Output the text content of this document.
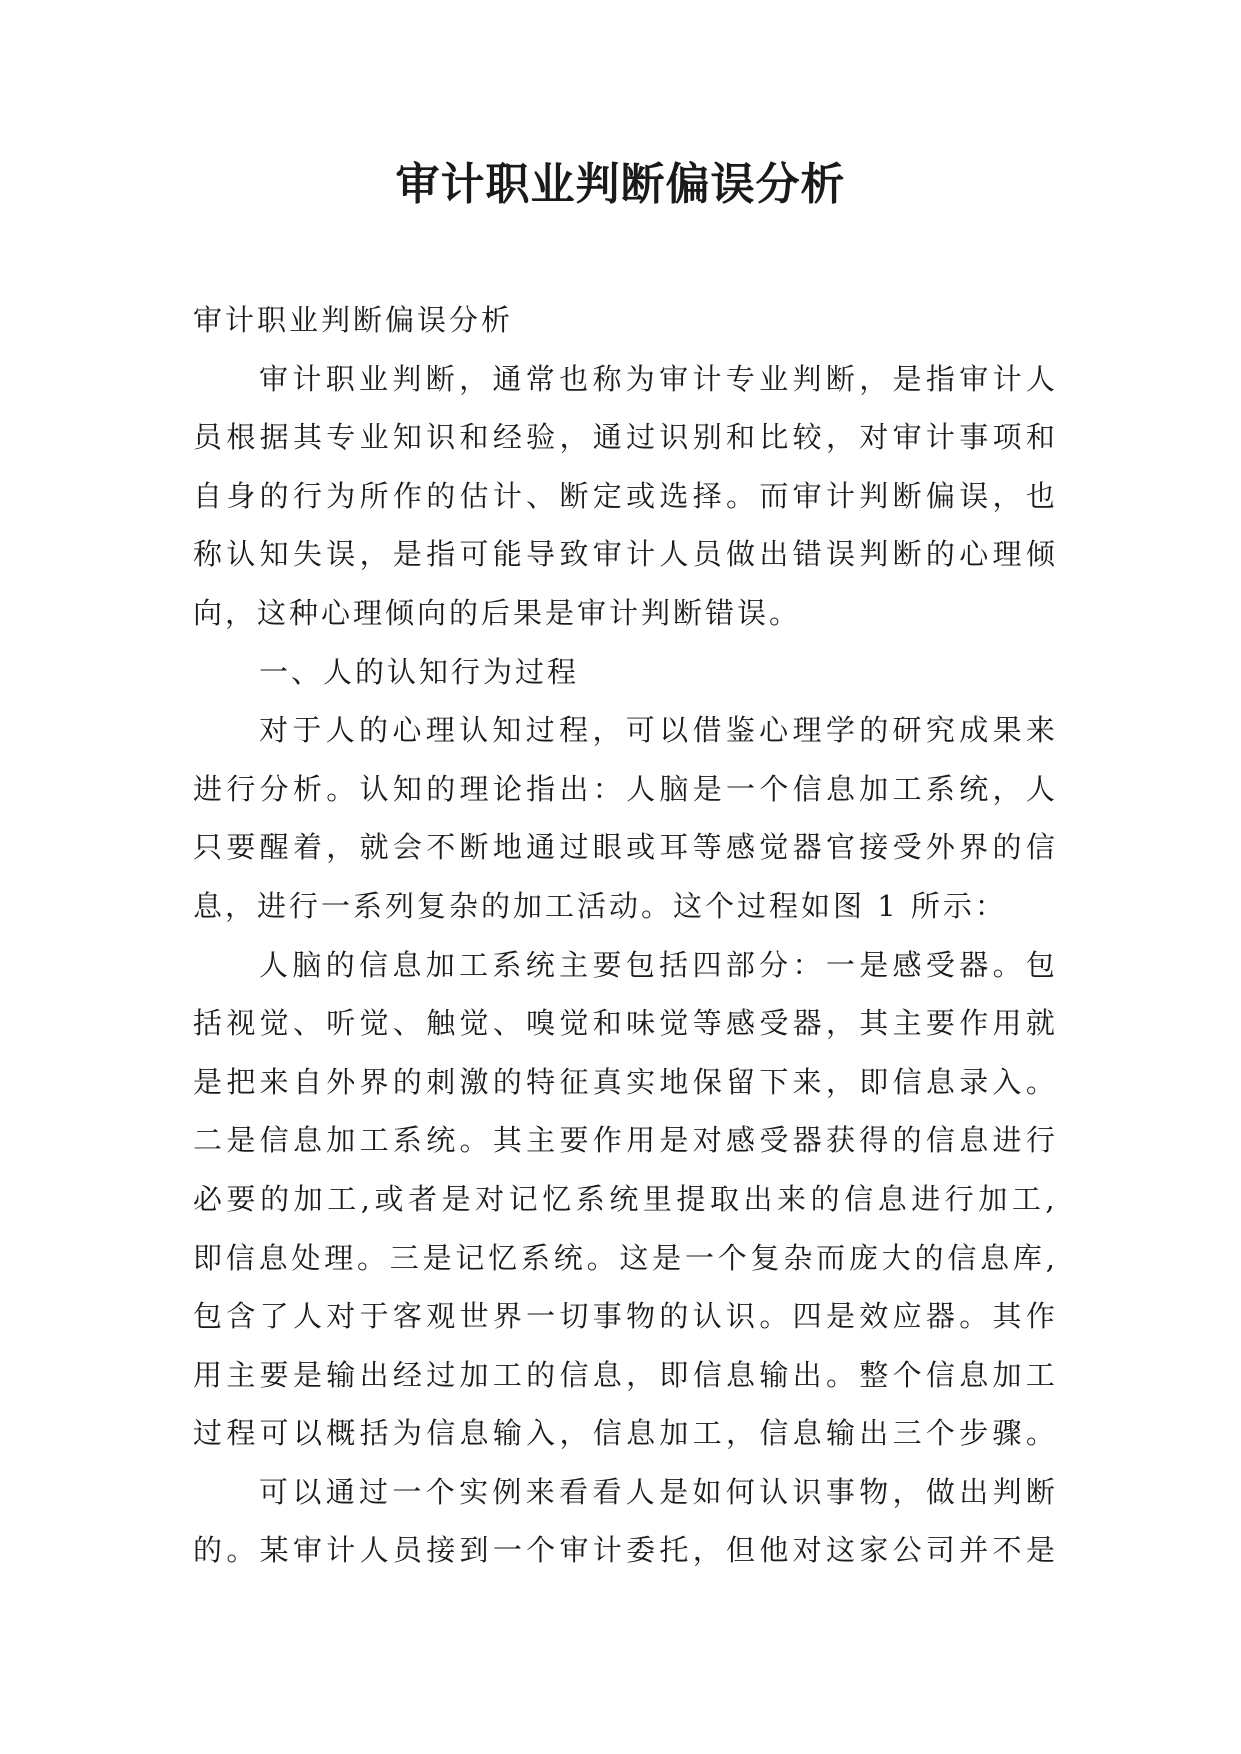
审计职业判断偏误分析
审计职业判断偏误分析
审 计 职 业 判 断 ， 通 常 也 称 为 审 计 专 业 判 断 ， 是 指 审 计 人
员 根 据 其 专 业 知 识 和 经 验 ， 通 过 识 别 和 比 较 ， 对 审 计 事 项 和
自 身 的 行 为 所 作 的 估 计 、 断 定 或 选 择 。 而 审 计 判 断 偏 误 ， 也
称 认 知 失 误 ， 是 指 可 能 导 致 审 计 人 员 做 出 错 误 判 断 的 心 理 倾
向，这种心理倾向的后果是审计判断错误。
一、人的认知行为过程
对 于 人 的 心 理 认 知 过 程 ， 可 以 借 鉴 心 理 学 的 研 究 成 果 来
进 行 分 析 。 认 知 的 理 论 指 出 ： 人 脑 是 一 个 信 息 加 工 系 统 ， 人
只 要 醒 着 ， 就 会 不 断 地 通 过 眼 或 耳 等 感 觉 器 官 接 受 外 界 的 信
息，进行一系列复杂的加工活动。这个过程如图 1 所示：
人 脑 的 信 息 加 工 系 统 主 要 包 括 四 部 分 ： 一 是 感 受 器 。 包
括 视 觉 、 听 觉 、 触 觉 、 嗅 觉 和 味 觉 等 感 受 器 ， 其 主 要 作 用 就
是 把 来 自 外 界 的 刺 激 的 特 征 真 实 地 保 留 下 来 ， 即 信 息 录 入 。
二 是 信 息 加 工 系 统 。 其 主 要 作 用 是 对 感 受 器 获 得 的 信 息 进 行
必 要 的 加 工 , 或 者 是 对 记 忆 系 统 里 提 取 出 来 的 信 息 进 行 加 工 ,
即 信 息 处 理 。 三 是 记 忆 系 统 。 这 是 一 个 复 杂 而 庞 大 的 信 息 库 ,
包 含 了 人 对 于 客 观 世 界 一 切 事 物 的 认 识 。 四 是 效 应 器 。 其 作
用 主 要 是 输 出 经 过 加 工 的 信 息 ， 即 信 息 输 出 。 整 个 信 息 加 工
过 程 可 以 概 括 为 信 息 输 入 ， 信 息 加 工 ， 信 息 输 出 三 个 步 骤 。
可 以 通 过 一 个 实 例 来 看 看 人 是 如 何 认 识 事 物 ， 做 出 判 断
的 。 某 审 计 人 员 接 到 一 个 审 计 委 托 ， 但 他 对 这 家 公 司 并 不 是
